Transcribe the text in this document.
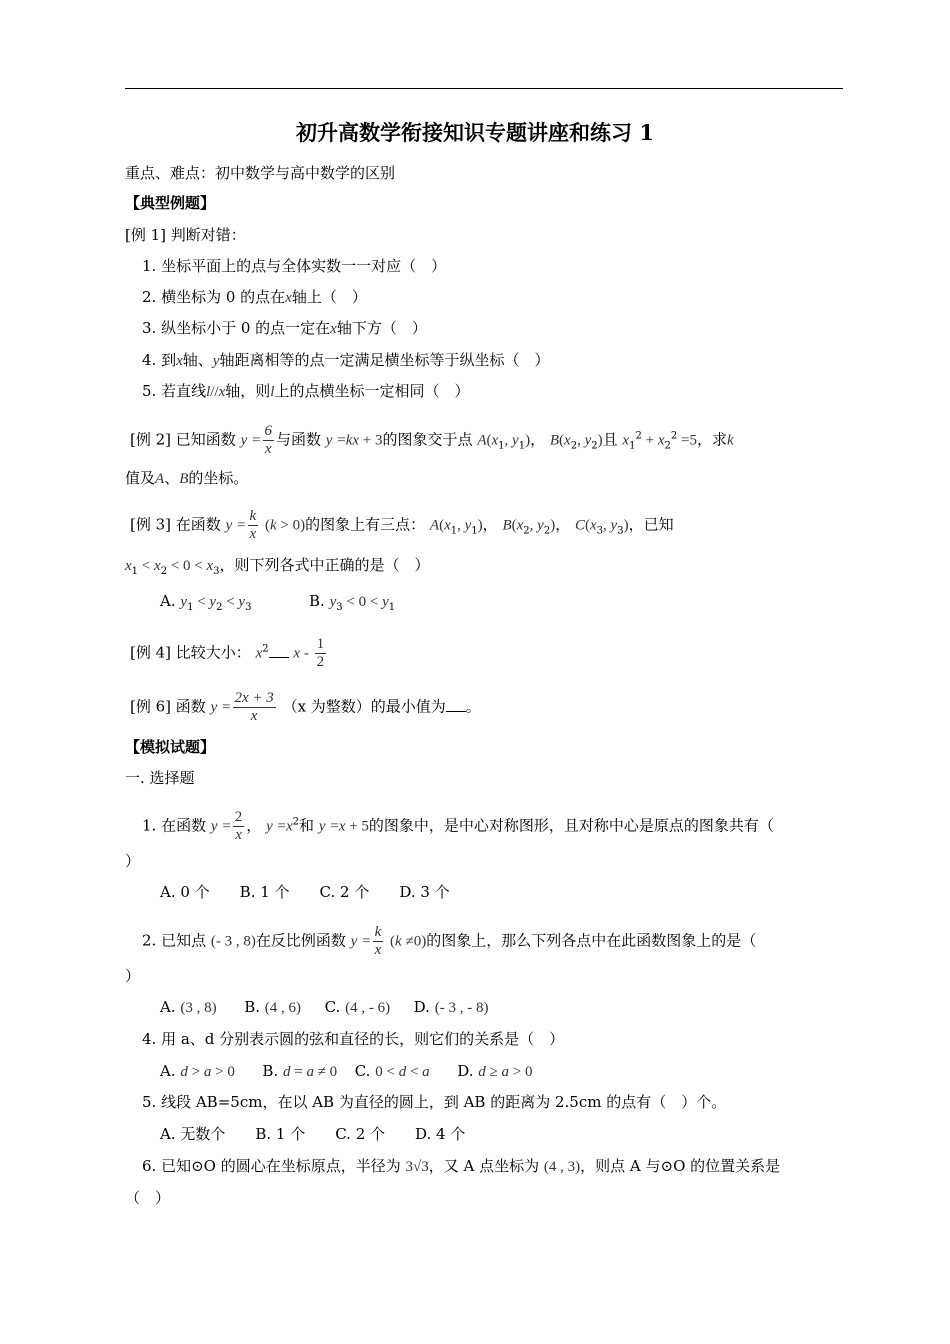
初升高数学衔接知识专题讲座和练习 1
重点、难点：初中数学与高中数学的区别
【典型例题】
[例 1] 判断对错：
1. 坐标平面上的点与全体实数一一对应（　）
2. 横坐标为 0 的点在x轴上（　）
3. 纵坐标小于 0 的点一定在x轴下方（　）
4. 到x轴、y轴距离相等的点一定满足横坐标等于纵坐标（　）
5. 若直线l//x轴，则l上的点横坐标一定相同（　）
[例 2] 已知函数 $y = \frac{6}{x}$ 与函数 y =kx + 3的图象交于点 $A(x_1$, $y_1$)， $B(x_2$, $y_2$)且 $x_1^2 + x_2^2 =5$，求k
值及A、B的坐标。
[例 3] 在函数 $y = \frac{k}{x} (k > 0)$的图象上有三点： $A(x_1$, $y_1$)， $B(x_2$, $y_2$)， $C(x_3$, $y_3$)，已知
$x_1 < x_2 < 0 < x_3$，则下列各式中正确的是（　）
A. $y_1 < y_2 < y_3$	B. $y_3 < 0 < y_1$
[例 4] 比较大小： $x^2$ x - $\frac{1}{2}$
[例 6] 函数 $y = \frac{2x + 3}{x} (x$ 为整数）的最小值为 。
【模拟试题】
一. 选择题
1. 在函数 $y = \frac{2}{x}$ ， $y =x^2$和 y =x + 5的图象中，是中心对称图形，且对称中心是原点的图象共有（
）
A. 0 个　　B. 1 个　　C. 2 个　　D. 3 个
2. 已知点 (- 3 , 8)在反比例函数 $y = \frac{k}{x} (k \ne 0)$的图象上，那么下列各点中在此函数图象上的是（
）
A. (3 , 8) B. (4 , 6) C. (4 , - 6) D. (- 3 , - 8)
4. 用 a、d 分别表示圆的弦和直径的长，则它们的关系是（　）
A. d > a > 0 B. d = a ≠ 0 C. 0 < d < a D. d ≥ a > 0
5. 线段 AB=5cm，在以 AB 为直径的圆上，到 AB 的距离为 2.5cm 的点有（　）个。
A. 无数个　　B. 1 个　　C. 2 个　　D. 4 个
6. 已知⊙O 的圆心在坐标原点，半径为 3√3，又 A 点坐标为 (4 , 3)，则点 A 与⊙O 的位置关系是
（　）
